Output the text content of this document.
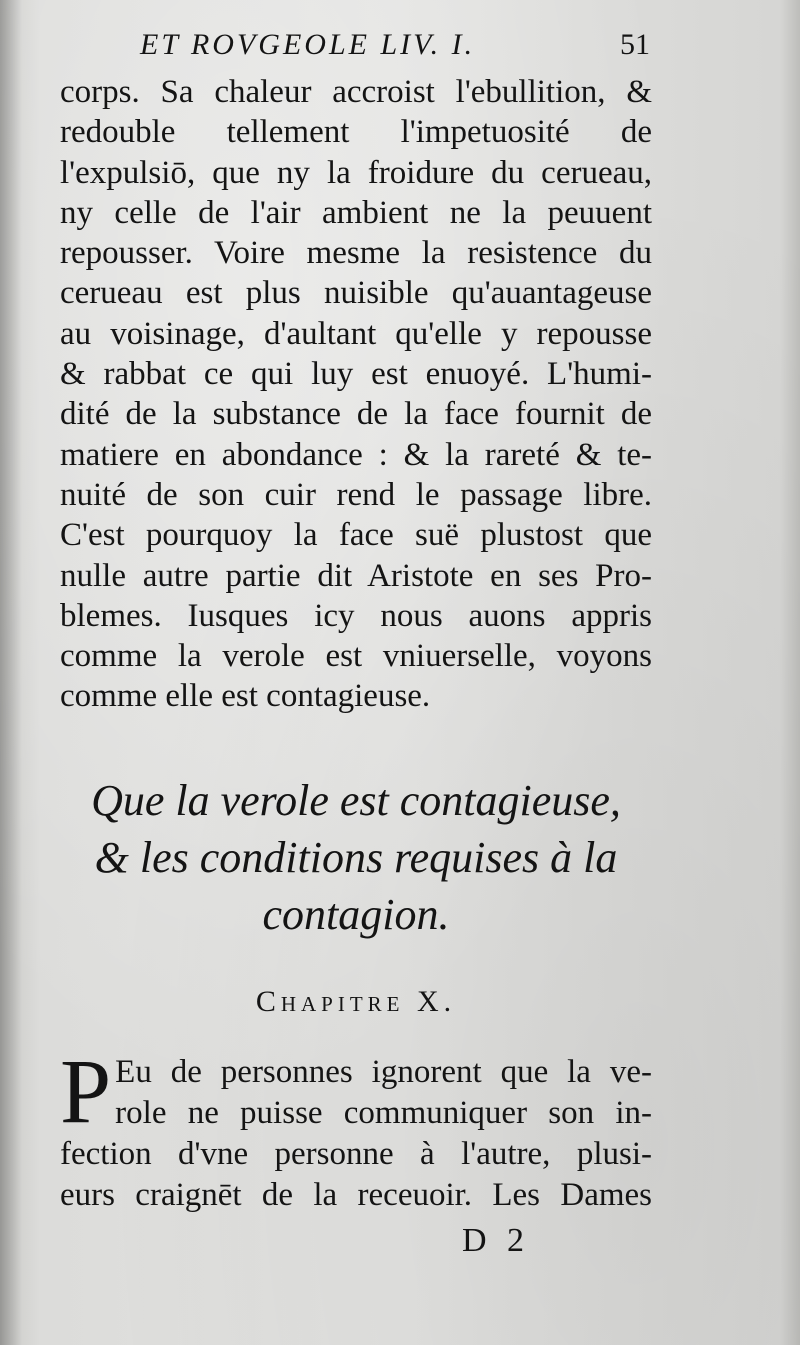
ET ROVGEOLE LIV. I.	51
corps. Sa chaleur accroist l'ebullition, &
redouble tellement l'impetuosité de
l'expulsiō, que ny la froidure du cerueau,
ny celle de l'air ambient ne la peuuent
repousser. Voire mesme la resistence du
cerueau est plus nuisible qu'auantageuse
au voisinage, d'aultant qu'elle y repousse
& rabbat ce qui luy est enuoyé. L'humi-
dité de la substance de la face fournit de
matiere en abondance : & la rareté & te-
nuité de son cuir rend le passage libre.
C'est pourquoy la face suë plustost que
nulle autre partie dit Aristote en ses Pro-
blemes. Iusques icy nous auons appris
comme la verole est vniuerselle, voyons
comme elle est contagieuse.
Que la verole est contagieuse,
& les conditions requises à la
contagion.
Chapitre X.
P Eu de personnes ignorent que la ve-
role ne puisse communiquer son in-
fection d'vne personne à l'autre, plusi-
eurs craignēt de la receuoir. Les Dames
D 2
